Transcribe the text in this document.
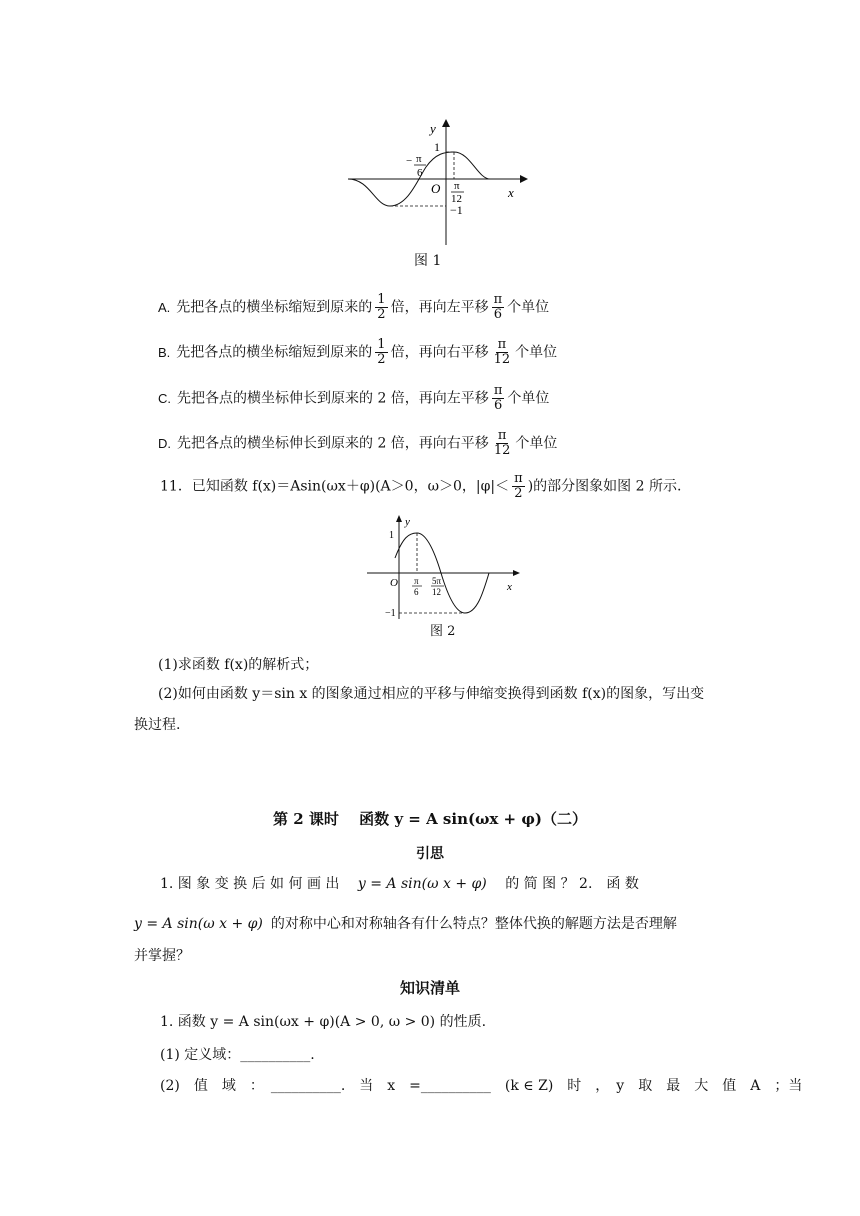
y
1
− π
6
O π
12
−1
x
图 1
A. 先把各点的横坐标缩短到原来的 $\frac{1}{2}$ 倍，再向左平移 $\frac{\pi}{6}$ 个单位
B. 先把各点的横坐标缩短到原来的 $\frac{1}{2}$ 倍，再向右平移 $\frac{\pi}{12}$ 个单位
C. 先把各点的横坐标伸长到原来的 2 倍，再向左平移 $\frac{\pi}{6}$ 个单位
D. 先把各点的横坐标伸长到原来的 2 倍，再向右平移 $\frac{\pi}{12}$ 个单位
11．已知函数 f(x)＝Asin(ωx＋φ)(A＞0，ω＞0，$|\varphi|< \frac{\pi}{2}$ )的部分图象如图 2 所示.
y
1
O π
6
5π
12
−1
x
图 2
(1)求函数 f(x)的解析式；
(2)如何由函数 y＝sin x 的图象通过相应的平移与伸缩变换得到函数 f(x)的图象，写出变
换过程.
第 2 课时　 函数 y = A sin(ωx + φ)（二）
引思
1. 图 象 变 换 后 如 何 画 出 y = A sin(ω x + φ) 的 简 图 ？ 2.　函 数
y = A sin(ω x + φ) 的对称中心和对称轴各有什么特点？整体代换的解题方法是否理解
并掌握？
知识清单
1. 函数 y = A sin(ωx + φ)(A > 0, ω > 0) 的性质.
(1) 定义域：__________.
(2)　值　域　：　__________.　当　x　=__________　(k ∈ Z)　时　，　y　取　最　大　值　A　；当
